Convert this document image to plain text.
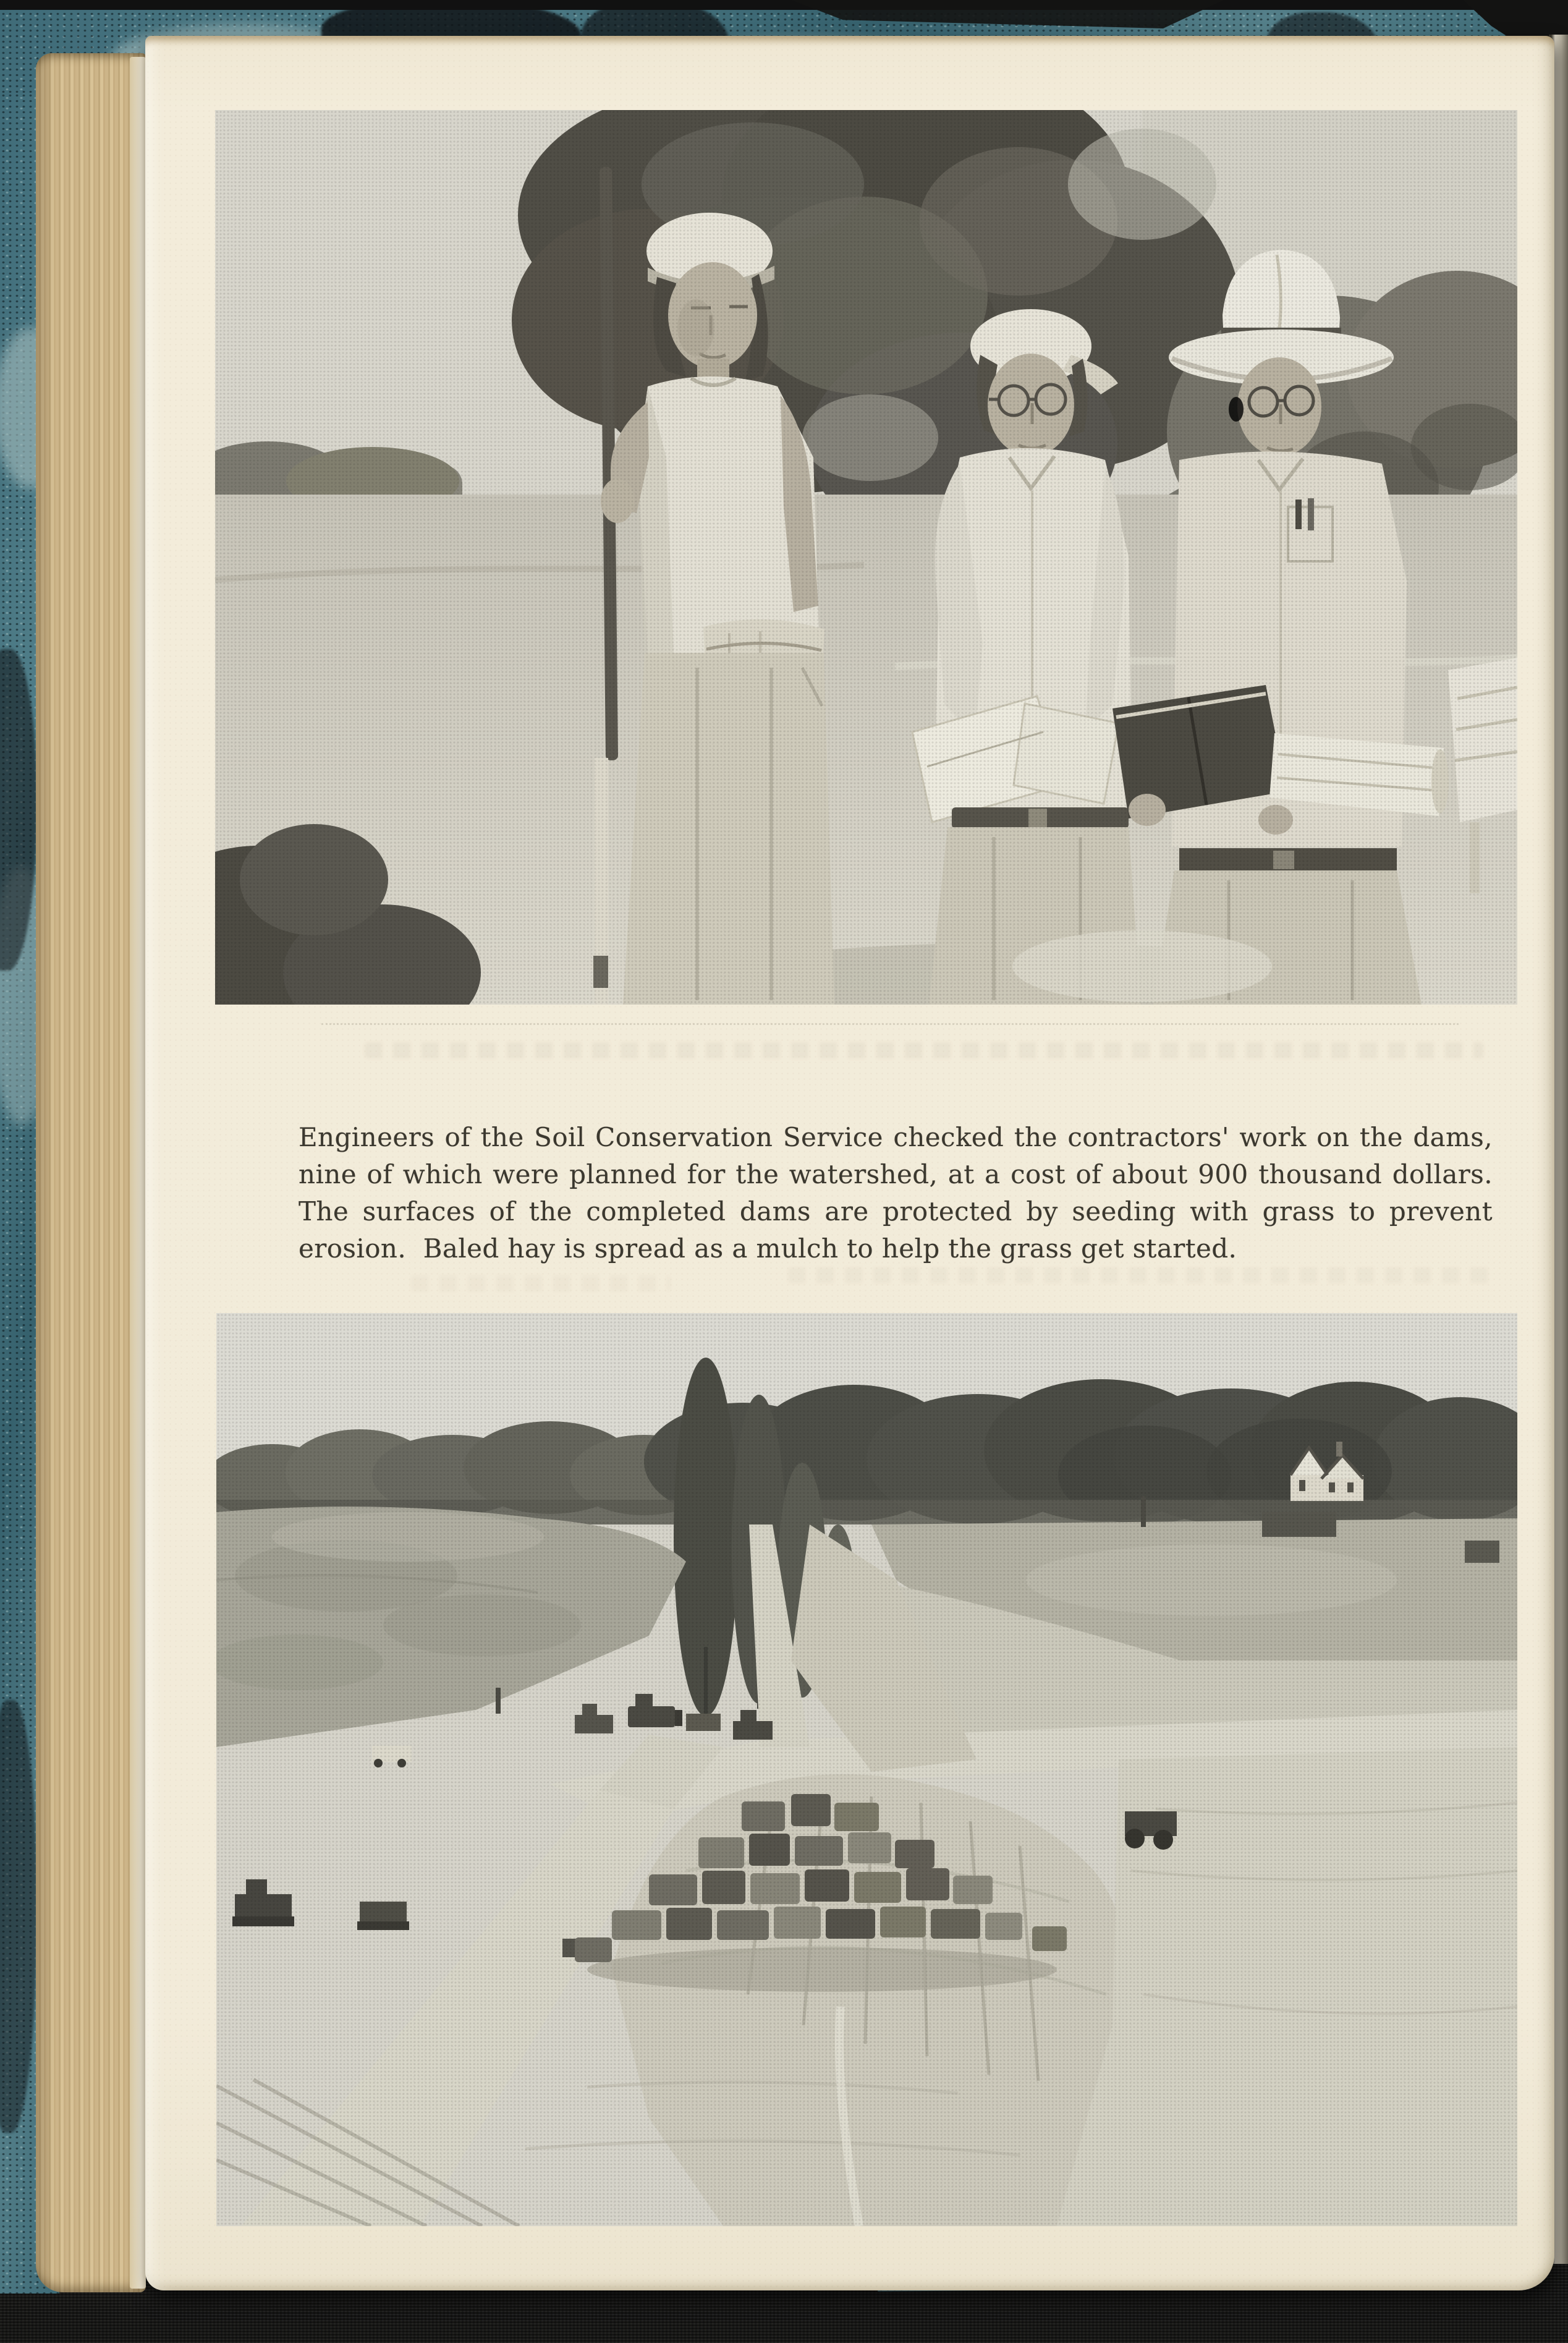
Engineers of the Soil Conservation Service checked the contractors' work on the dams,
nine of which were planned for the watershed, at a cost of about 900 thousand dollars.
The surfaces of the completed dams are protected by seeding with grass to prevent
erosion.  Baled hay is spread as a mulch to help the grass get started.
